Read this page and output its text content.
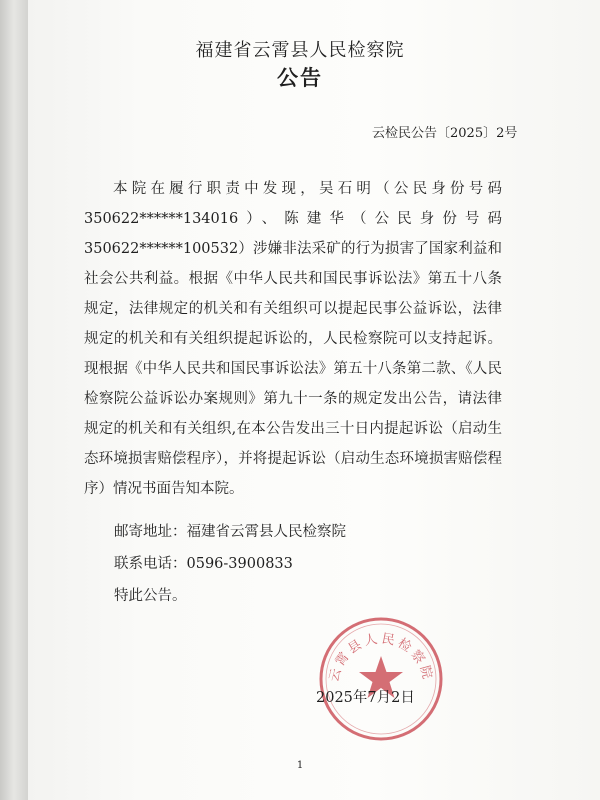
福建省云霄县人民检察院
公告
云检民公告〔2025〕2号
本院在履行职责中发现，吴石明（公民身份号码350622******134016）、陈建华（公民身份号码350622******100532）涉嫌非法采矿的行为损害了国家利益和社会公共利益。根据《中华人民共和国民事诉讼法》第五十八条规定，法律规定的机关和有关组织可以提起民事公益诉讼，法律规定的机关和有关组织提起诉讼的，人民检察院可以支持起诉。现根据《中华人民共和国民事诉讼法》第五十八条第二款、《人民检察院公益诉讼办案规则》第九十一条的规定发出公告，请法律规定的机关和有关组织,在本公告发出三十日内提起诉讼（启动生态环境损害赔偿程序），并将提起诉讼（启动生态环境损害赔偿程序）情况书面告知本院。
邮寄地址：福建省云霄县人民检察院
联系电话：0596-3900833
特此公告。
云霄县人民检察院
2025年7月2日
1
